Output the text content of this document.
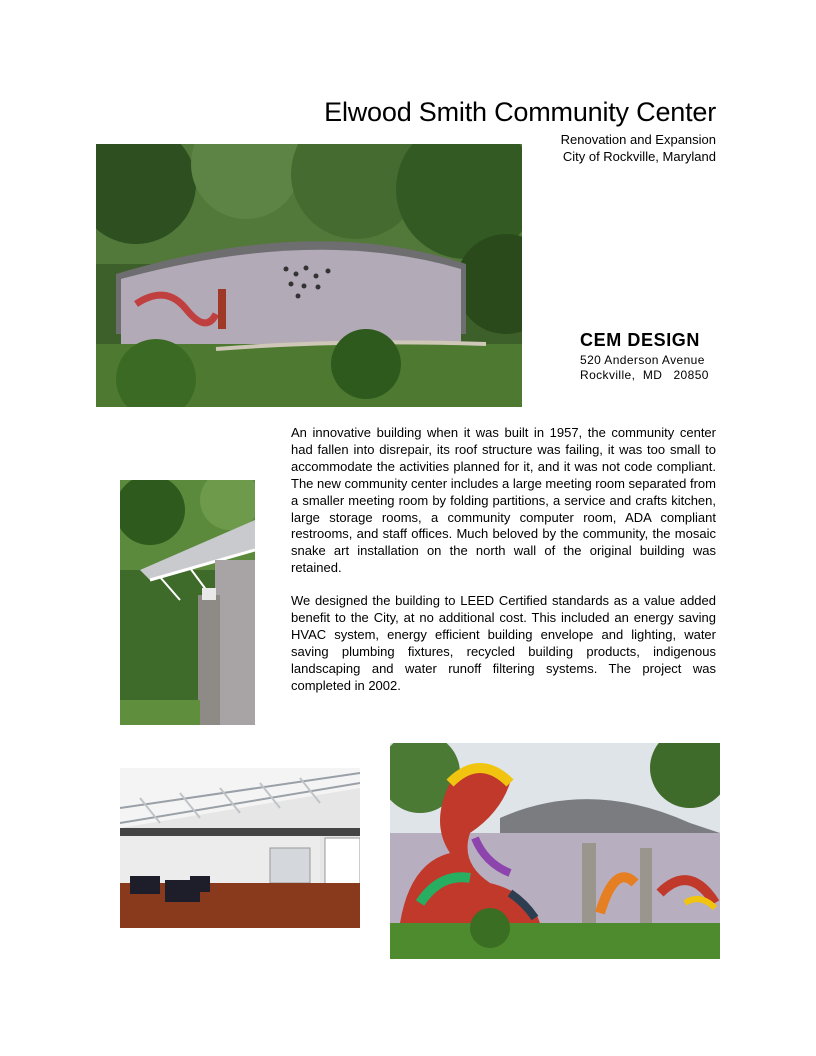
Elwood Smith Community Center
Renovation and Expansion
City of Rockville, Maryland
CEM DESIGN
520 Anderson Avenue
Rockville,  MD   20850

An innovative building when it was built in 1957, the community center had fallen into disrepair, its roof structure was failing, it was too small to accommodate the activities planned for it, and it was not code compliant. The new community center includes a large meeting room separated from a smaller meeting room by folding partitions, a service and crafts kitchen, large storage rooms, a community computer room, ADA compliant restrooms, and staff offices. Much beloved by the community, the mosaic snake art installation on the north wall of the original building was retained.

We designed the building to LEED Certified standards as a value added benefit to the City, at no additional cost. This included an energy saving HVAC system, energy efficient building envelope and lighting, water saving plumbing fixtures, recycled building products, indigenous landscaping and water runoff filtering systems. The project was completed in 2002.
